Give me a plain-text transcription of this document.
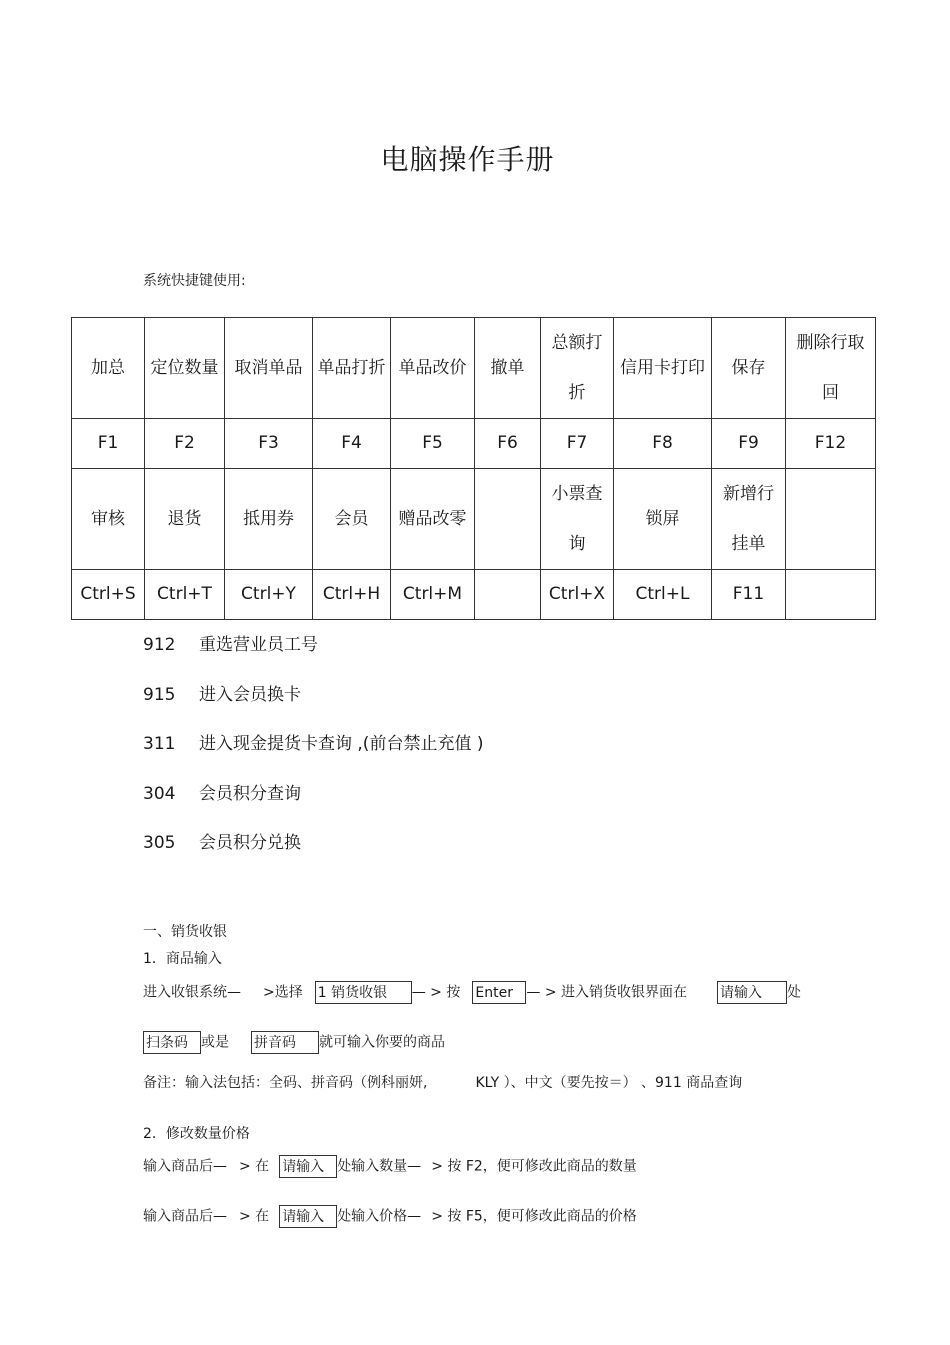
电脑操作手册
系统快捷键使用:
加总	定位数量	取消单品	单品打折	单品改价	撤单	总额打折	信用卡打印	保存	删除行取回
F1	F2	F3	F4	F5	F6	F7	F8	F9	F12
审核	退货	抵用券	会员	赠品改零		小票查询	锁屏	新增行挂单	
Ctrl+S	Ctrl+T	Ctrl+Y	Ctrl+H	Ctrl+M		Ctrl+X	Ctrl+L	F11	
912 重选营业员工号
915 进入会员换卡
311 进入现金提货卡查询 ,(前台禁止充值 )
304 会员积分查询
305 会员积分兑换
一、销货收银
1．商品输入
进入收银系统— >选择 1 销货收银 — > 按 Enter — > 进入销货收银界面在 请输入 处
扫条码 或是 拼音码 就可输入你要的商品
备注：输入法包括：全码、拼音码（例科丽妍,	KLY ）、中文（要先按＝） 、911 商品查询
2．修改数量价格
输入商品后— > 在 请输入 处输入数量— > 按 F2，便可修改此商品的数量
输入商品后— > 在 请输入 处输入价格— > 按 F5，便可修改此商品的价格
